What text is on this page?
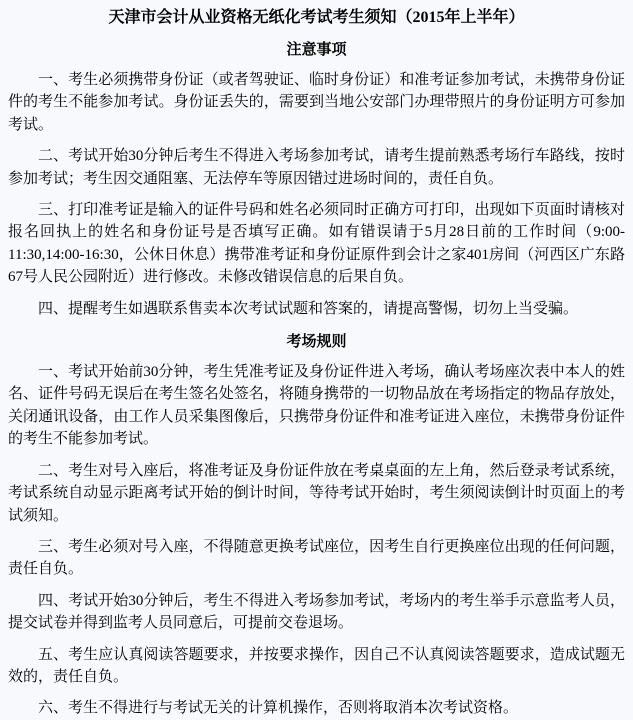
天津市会计从业资格无纸化考试考生须知（2015年上半年）
注意事项

一、考生必须携带身份证（或者驾驶证、临时身份证）和准考证参加考试，未携带身份证件的考生不能参加考试。身份证丢失的，需要到当地公安部门办理带照片的身份证明方可参加考试。

二、考试开始30分钟后考生不得进入考场参加考试，请考生提前熟悉考场行车路线，按时参加考试；考生因交通阻塞、无法停车等原因错过进场时间的，责任自负。

三、打印准考证是输入的证件号码和姓名必须同时正确方可打印，出现如下页面时请核对报名回执上的姓名和身份证号是否填写正确。如有错误请于5月28日前的工作时间（9:00-11:30,14:00-16:30，公休日休息）携带准考证和身份证原件到会计之家401房间（河西区广东路67号人民公园附近）进行修改。未修改错误信息的后果自负。

四、提醒考生如遇联系售卖本次考试试题和答案的，请提高警惕，切勿上当受骗。

考场规则

一、考试开始前30分钟，考生凭准考证及身份证件进入考场，确认考场座次表中本人的姓名、证件号码无误后在考生签名处签名，将随身携带的一切物品放在考场指定的物品存放处，关闭通讯设备，由工作人员采集图像后，只携带身份证件和准考证进入座位，未携带身份证件的考生不能参加考试。

二、考生对号入座后，将准考证及身份证件放在考桌桌面的左上角，然后登录考试系统，考试系统自动显示距离考试开始的倒计时间，等待考试开始时，考生须阅读倒计时页面上的考试须知。

三、考生必须对号入座，不得随意更换考试座位，因考生自行更换座位出现的任何问题，责任自负。

四、考试开始30分钟后，考生不得进入考场参加考试，考场内的考生举手示意监考人员，提交试卷并得到监考人员同意后，可提前交卷退场。

五、考生应认真阅读答题要求，并按要求操作，因自己不认真阅读答题要求，造成试题无效的，责任自负。

六、考生不得进行与考试无关的计算机操作，否则将取消本次考试资格。
